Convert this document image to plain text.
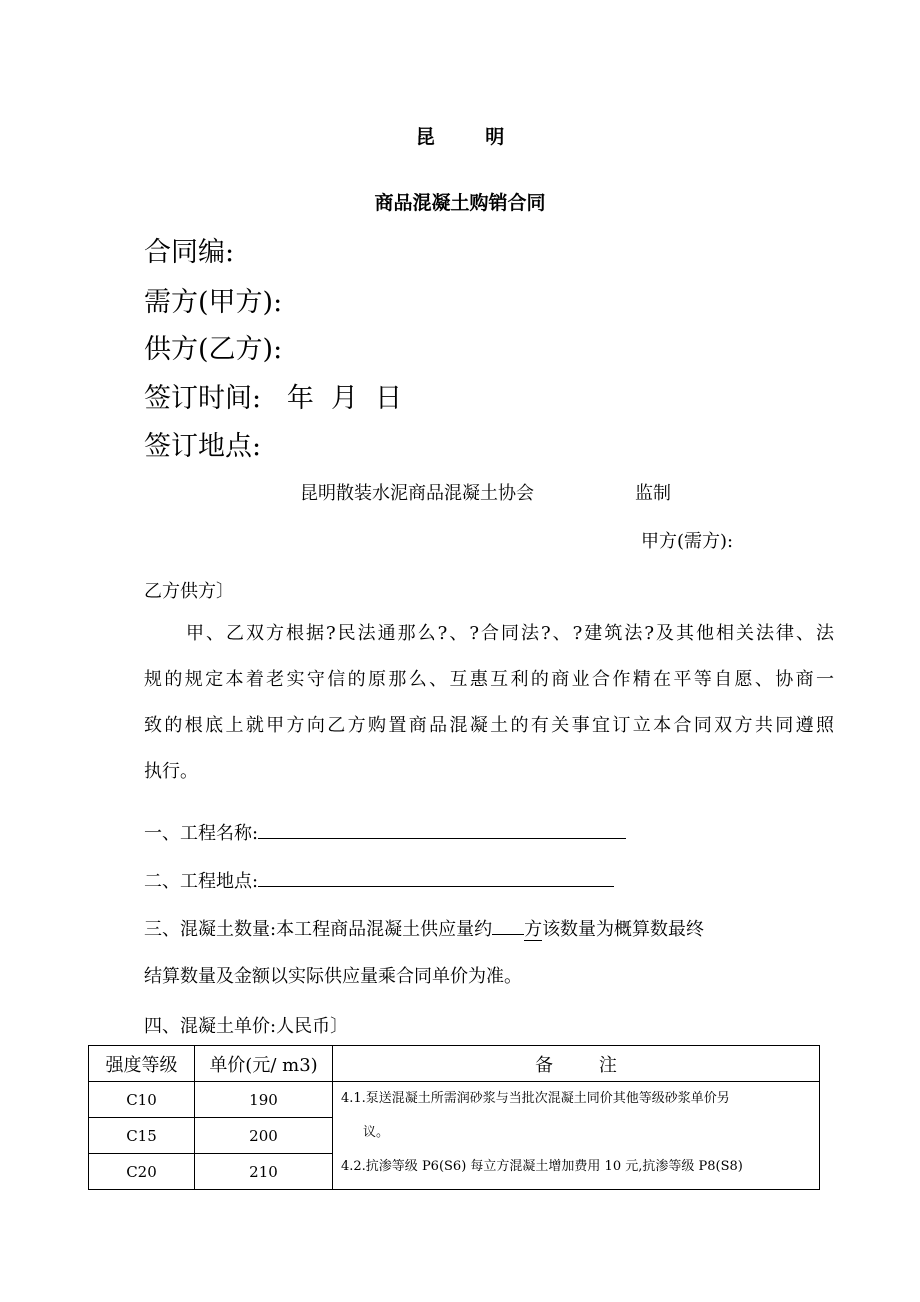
昆 明
商品混凝土购销合同
合同编:
需方(甲方):
供方(乙方):
签订时间:   年  月  日
签订地点:
昆明散装水泥商品混凝土协会	监制
甲方(需方):
乙方供方〕
甲、乙双方根据?民法通那么?、?合同法?、?建筑法?及其他相关法律、法
规的规定本着老实守信的原那么、互惠互利的商业合作精在平等自愿、协商一
致的根底上就甲方向乙方购置商品混凝土的有关事宜订立本合同双方共同遵照
执行。
一、工程名称:
二、工程地点:
三、混凝土数量:本工程商品混凝土供应量约 方该数量为概算数最终
结算数量及金额以实际供应量乘合同单价为准。
四、混凝土单价:人民币〕
强度等级	单价(元/ m3)	备        注
C10	190	4.1.泵送混凝土所需润砂浆与当批次混凝土同价其他等级砂浆单价另
议。
4.2.抗渗等级 P6(S6) 每立方混凝土增加费用 10 元,抗渗等级 P8(S8)

C15	200	
C20	210	
